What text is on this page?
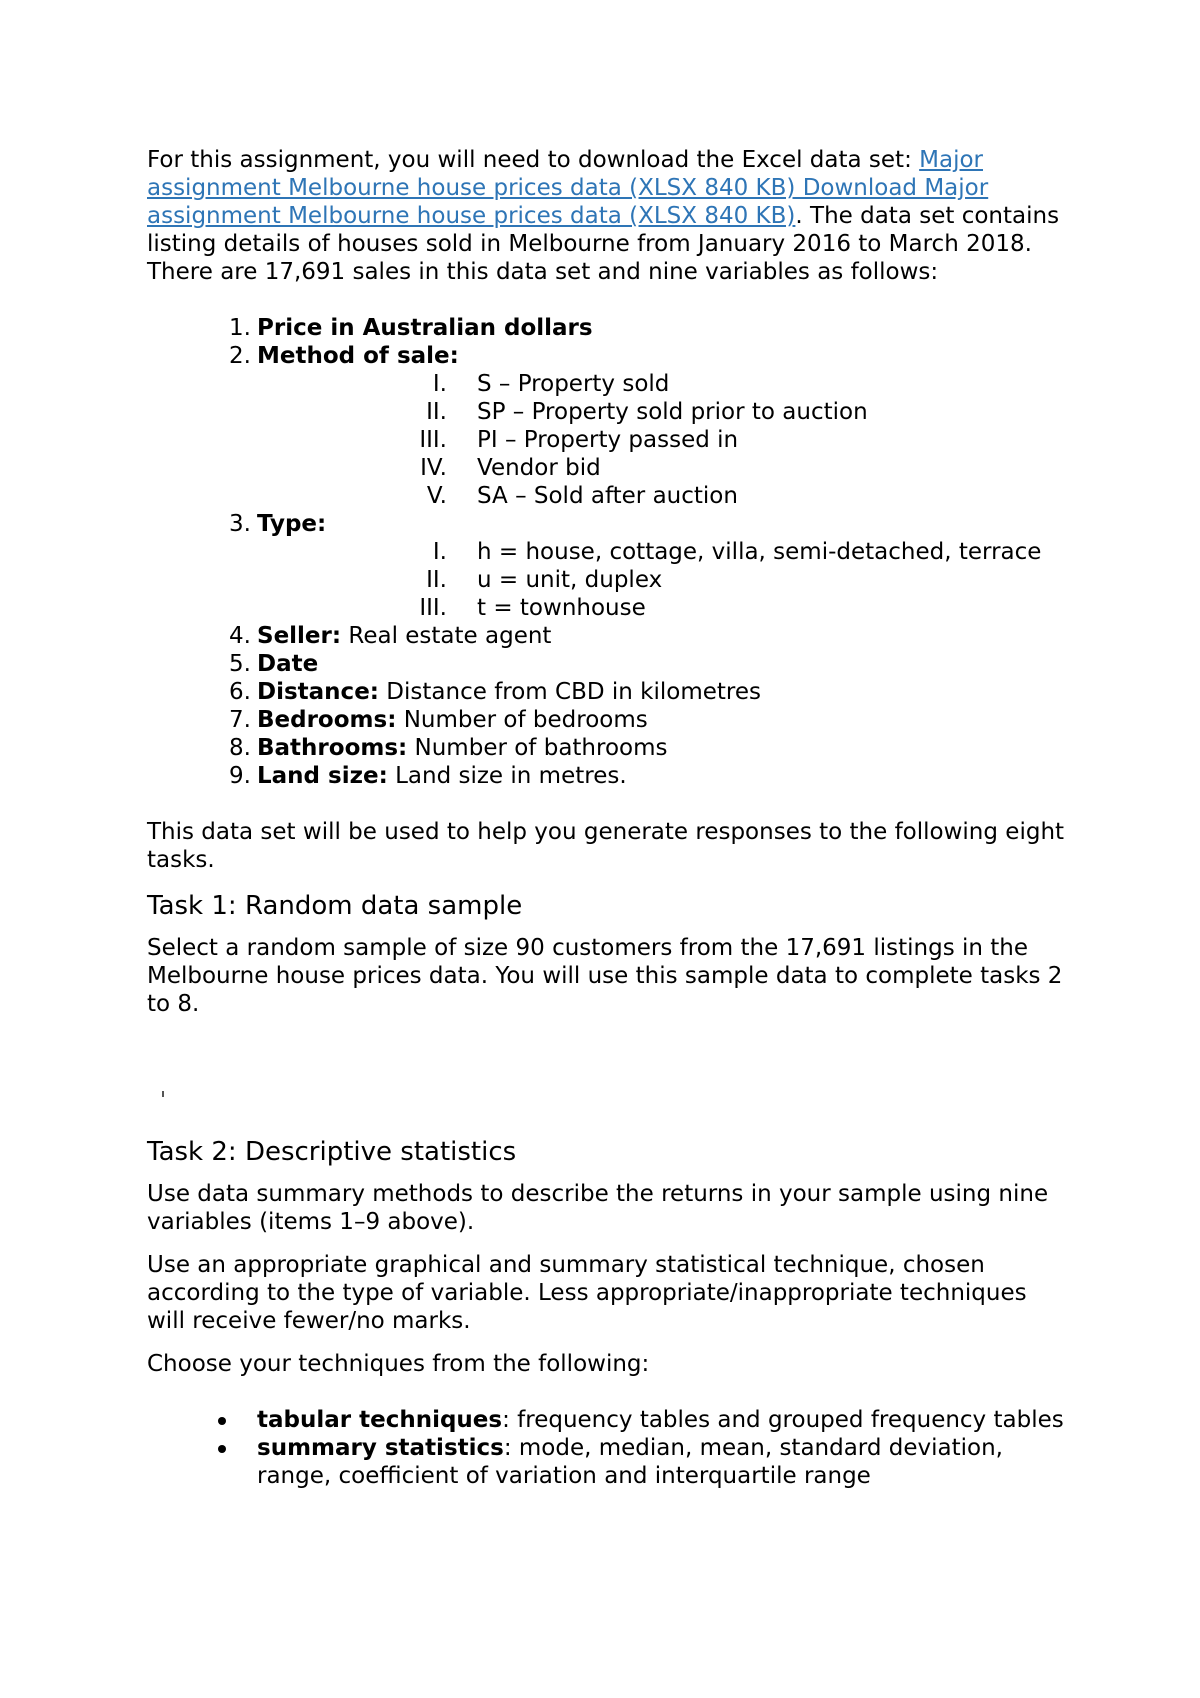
For this assignment, you will need to download the Excel data set: Major assignment Melbourne house prices data (XLSX 840 KB) Download Major assignment Melbourne house prices data (XLSX 840 KB). The data set contains listing details of houses sold in Melbourne from January 2016 to March 2018. There are 17,691 sales in this data set and nine variables as follows:

1. Price in Australian dollars
2. Method of sale:
I. S – Property sold
II. SP – Property sold prior to auction
III. PI – Property passed in
IV. Vendor bid
V. SA – Sold after auction
3. Type:
I. h = house, cottage, villa, semi-detached, terrace
II. u = unit, duplex
III. t = townhouse
4. Seller: Real estate agent
5. Date
6. Distance: Distance from CBD in kilometres
7. Bedrooms: Number of bedrooms
8. Bathrooms: Number of bathrooms
9. Land size: Land size in metres.

This data set will be used to help you generate responses to the following eight tasks.

Task 1: Random data sample

Select a random sample of size 90 customers from the 17,691 listings in the Melbourne house prices data. You will use this sample data to complete tasks 2 to 8.

Task 2: Descriptive statistics

Use data summary methods to describe the returns in your sample using nine variables (items 1–9 above).

Use an appropriate graphical and summary statistical technique, chosen according to the type of variable. Less appropriate/inappropriate techniques will receive fewer/no marks.

Choose your techniques from the following:

tabular techniques: frequency tables and grouped frequency tables
summary statistics: mode, median, mean, standard deviation, range, coefficient of variation and interquartile range
